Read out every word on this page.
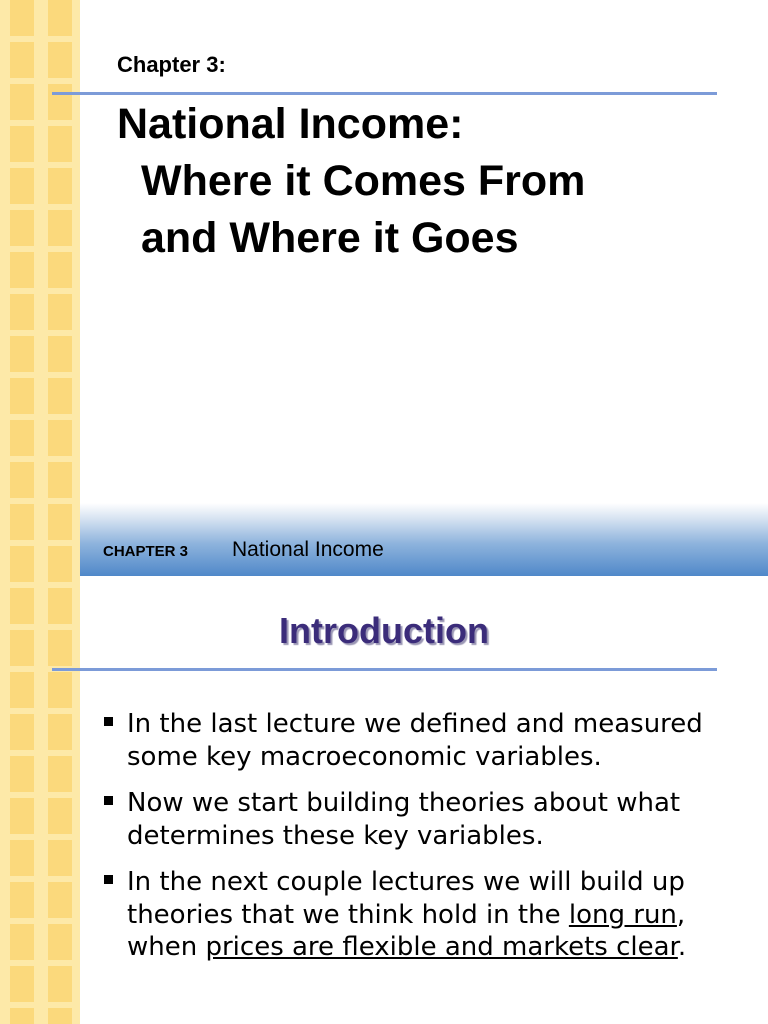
Chapter 3:
National Income:
Where it Comes From
and Where it Goes
CHAPTER 3 National Income
Introduction
In the last lecture we defined and measured some key macroeconomic variables.
Now we start building theories about what determines these key variables.
In the next couple lectures we will build up theories that we think hold in the long run, when prices are flexible and markets clear.
